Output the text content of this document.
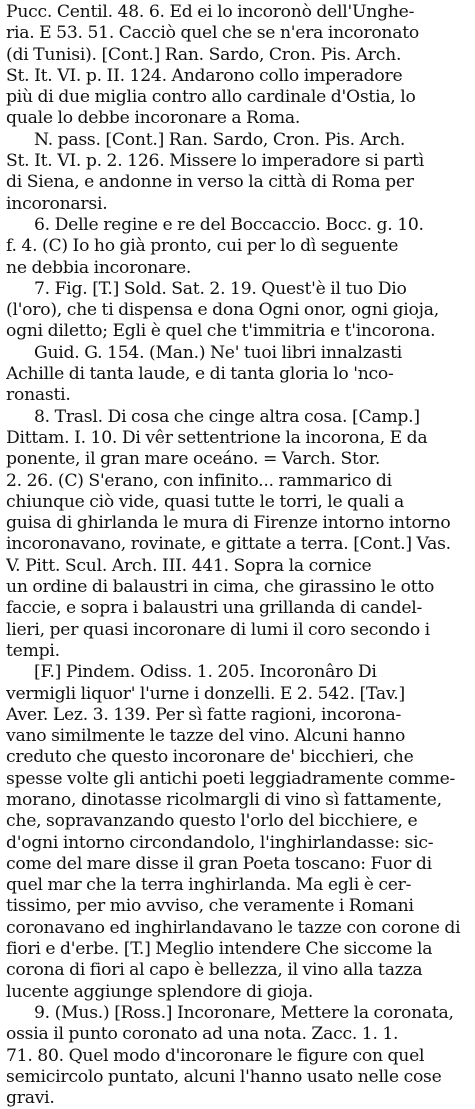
Pucc. Centil. 48. 6. Ed ei lo incoronò dell'Unghe-
ria. E 53. 51. Cacciò quel che se n'era incoronato
(di Tunisi). [Cont.] Ran. Sardo, Cron. Pis. Arch.
St. It. VI. p. II. 124. Andarono collo imperadore
più di due miglia contro allo cardinale d'Ostia, lo
quale lo debbe incoronare a Roma.
N. pass. [Cont.] Ran. Sardo, Cron. Pis. Arch.
St. It. VI. p. 2. 126. Missere lo imperadore si partì
di Siena, e andonne in verso la città di Roma per
incoronarsi.
6. Delle regine e re del Boccaccio. Bocc. g. 10.
f. 4. (C) Io ho già pronto, cui per lo dì seguente
ne debbia incoronare.
7. Fig. [T.] Sold. Sat. 2. 19. Quest'è il tuo Dio
(l'oro), che ti dispensa e dona Ogni onor, ogni gioja,
ogni diletto; Egli è quel che t'immitria e t'incorona.
Guid. G. 154. (Man.) Ne' tuoi libri innalzasti
Achille di tanta laude, e di tanta gloria lo 'nco-
ronasti.
8. Trasl. Di cosa che cinge altra cosa. [Camp.]
Dittam. I. 10. Di vêr settentrione la incorona, E da
ponente, il gran mare oceáno. = Varch. Stor.
2. 26. (C) S'erano, con infinito... rammarico di
chiunque ciò vide, quasi tutte le torri, le quali a
guisa di ghirlanda le mura di Firenze intorno intorno
incoronavano, rovinate, e gittate a terra. [Cont.] Vas.
V. Pitt. Scul. Arch. III. 441. Sopra la cornice
un ordine di balaustri in cima, che girassino le otto
faccie, e sopra i balaustri una grillanda di candel-
lieri, per quasi incoronare di lumi il coro secondo i
tempi.
[F.] Pindem. Odiss. 1. 205. Incoronâro Di
vermigli liquor' l'urne i donzelli. E 2. 542. [Tav.]
Aver. Lez. 3. 139. Per sì fatte ragioni, incorona-
vano similmente le tazze del vino. Alcuni hanno
creduto che questo incoronare de' bicchieri, che
spesse volte gli antichi poeti leggiadramente comme-
morano, dinotasse ricolmargli di vino sì fattamente,
che, sopravanzando questo l'orlo del bicchiere, e
d'ogni intorno circondandolo, l'inghirlandasse: sic-
come del mare disse il gran Poeta toscano: Fuor di
quel mar che la terra inghirlanda. Ma egli è cer-
tissimo, per mio avviso, che veramente i Romani
coronavano ed inghirlandavano le tazze con corone di
fiori e d'erbe. [T.] Meglio intendere Che siccome la
corona di fiori al capo è bellezza, il vino alla tazza
lucente aggiunge splendore di gioja.
9. (Mus.) [Ross.] Incoronare, Mettere la coronata,
ossia il punto coronato ad una nota. Zacc. 1. 1.
71. 80. Quel modo d'incoronare le figure con quel
semicircolo puntato, alcuni l'hanno usato nelle cose
gravi.
